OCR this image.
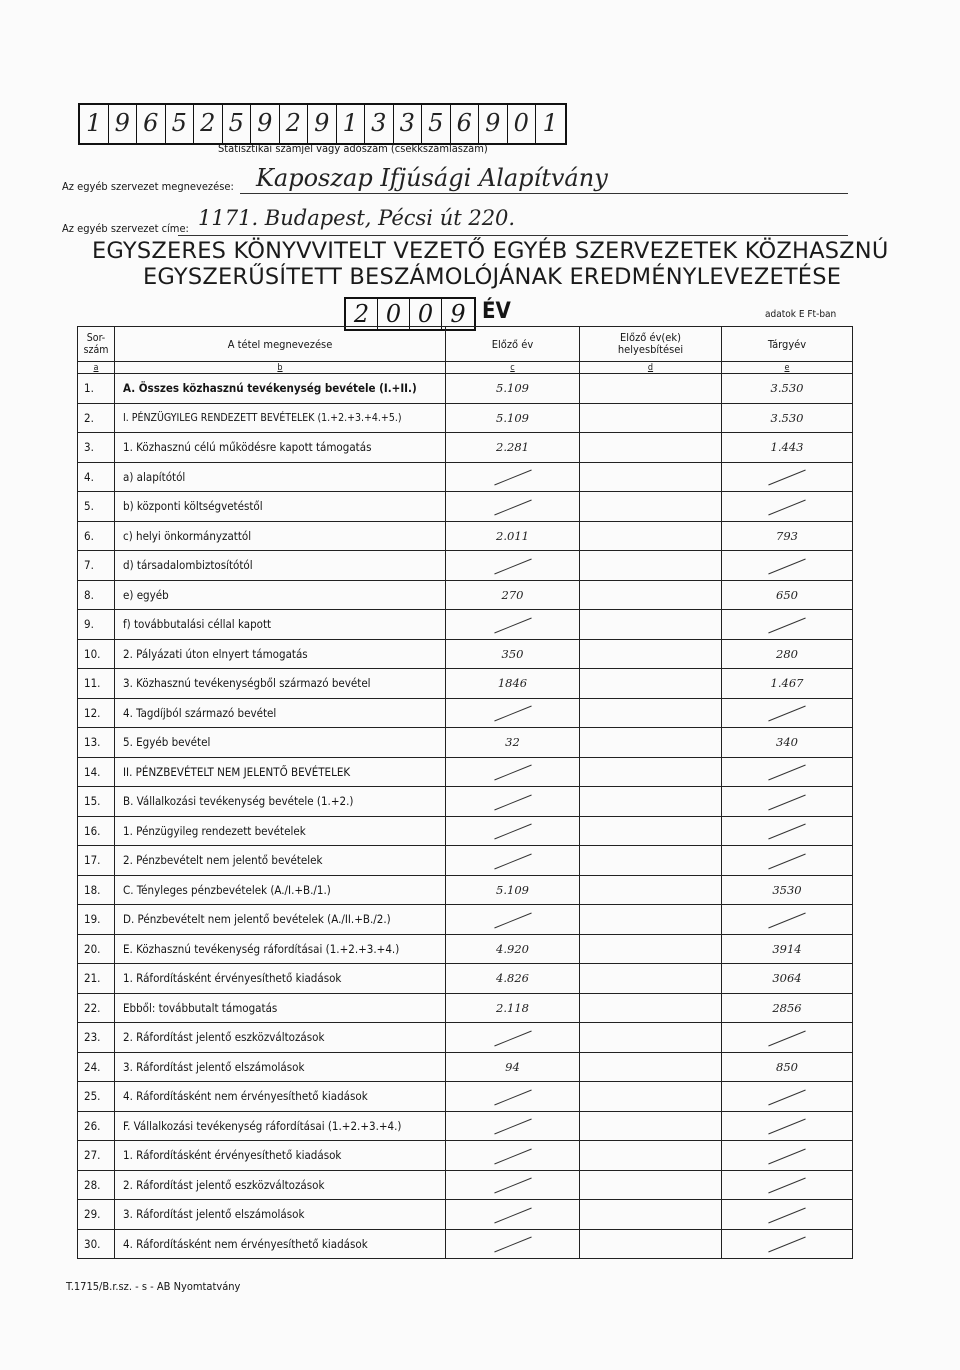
1 9 6 5 2 5 9 2 9 1 3 3 5 6 9 0 1
Statisztikai számjel vagy adószám (csekkszámlaszám)
Az egyéb szervezet megnevezése: Kaposzap Ifjúsági Alapítvány
Az egyéb szervezet címe: 1171. Budapest, Pécsi út 220.
EGYSZERES KÖNYVVITELT VEZETŐ EGYÉB SZERVEZETEK KÖZHASZNÚ
EGYSZERŰSÍTETT BESZÁMOLÓJÁNAK EREDMÉNYLEVEZETÉSE
2 0 0 9 ÉV	adatok E Ft-ban
Sor-
szám	A tétel megnevezése	Előző év	Előző év(ek)
helyesbítései	Tárgyév
a	b	c	d	e
1.	A. Összes közhasznú tevékenység bevétele (I.+II.)	5.109		3.530
2.	I. PÉNZÜGYILEG RENDEZETT BEVÉTELEK (1.+2.+3.+4.+5.)	5.109		3.530
3.	1. Közhasznú célú működésre kapott támogatás	2.281		1.443
4.	a) alapítótól			
5.	b) központi költségvetéstől			
6.	c) helyi önkormányzattól	2.011		793
7.	d) társadalombiztosítótól			
8.	e) egyéb	270		650
9.	f) továbbutalási céllal kapott			
10.	2. Pályázati úton elnyert támogatás	350		280
11.	3. Közhasznú tevékenységből származó bevétel	1846		1.467
12.	4. Tagdíjból származó bevétel			
13.	5. Egyéb bevétel	32		340
14.	II. PÉNZBEVÉTELT NEM JELENTŐ BEVÉTELEK			
15.	B. Vállalkozási tevékenység bevétele (1.+2.)			
16.	1. Pénzügyileg rendezett bevételek			
17.	2. Pénzbevételt nem jelentő bevételek			
18.	C. Tényleges pénzbevételek (A./I.+B./1.)	5.109		3530
19.	D. Pénzbevételt nem jelentő bevételek (A./II.+B./2.)			
20.	E. Közhasznú tevékenység ráfordításai (1.+2.+3.+4.)	4.920		3914
21.	1. Ráfordításként érvényesíthető kiadások	4.826		3064
22.	Ebből: továbbutalt támogatás	2.118		2856
23.	2. Ráfordítást jelentő eszközváltozások			
24.	3. Ráfordítást jelentő elszámolások	94		850
25.	4. Ráfordításként nem érvényesíthető kiadások			
26.	F. Vállalkozási tevékenység ráfordításai (1.+2.+3.+4.)			
27.	1. Ráfordításként érvényesíthető kiadások			
28.	2. Ráfordítást jelentő eszközváltozások			
29.	3. Ráfordítást jelentő elszámolások			
30.	4. Ráfordításként nem érvényesíthető kiadások			
T.1715/B.r.sz. - s - AB Nyomtatvány
